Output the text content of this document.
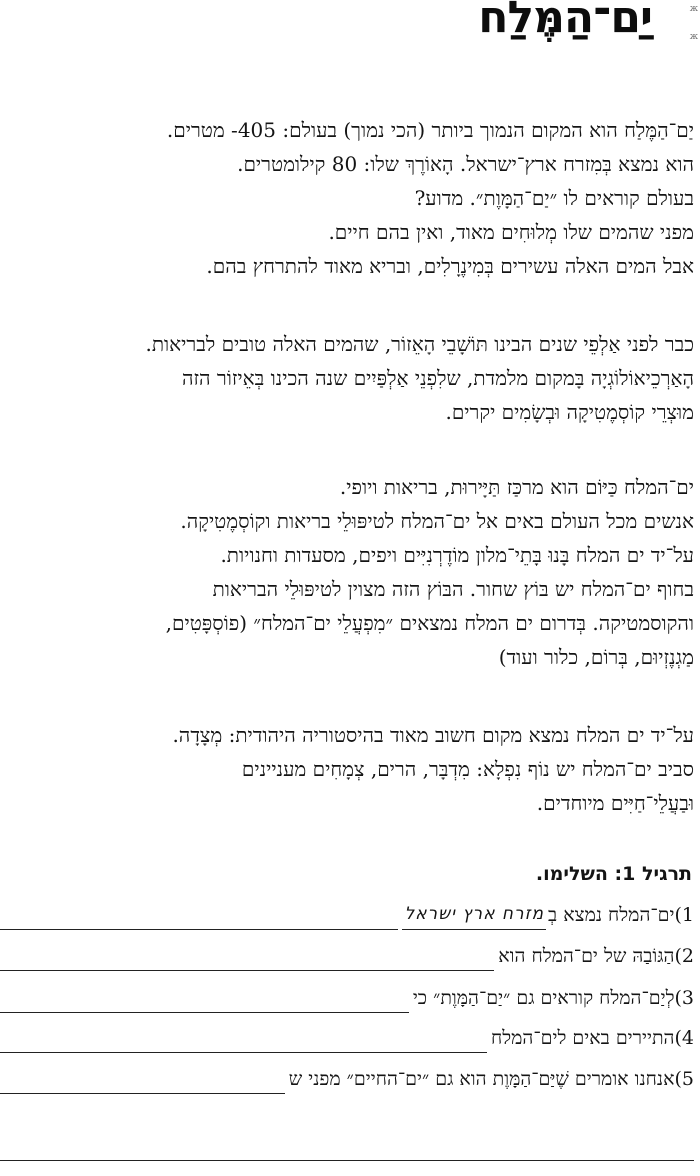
יַם־הַמֶּלַח	ж
ж
יַם־הַמֶּלַח הוא המקום הנמוך ביותר (הכי נמוך) בעולם: 405- מטרים.
הוא נמצא בְּמִזרח ארץ־ישראל. הָאוֹרֶךְ שלו: 80 קילומטרים.
בעולם קוראים לו ״יַם־הַמָּוֶת״. מדוע?
מפני שהמים שלו מְלוּחִים מאוד, ואין בהם חיים.
אבל המים האלה עשירים בְּמִינֶרָלִים, ובריא מאוד להתרחץ בהם.
כבר לפני אַלְפֵי שנים הבינו תּוֹשָׁבֵי הָאֵזוֹר, שהמים האלה טובים לבריאות.
הָאַרְכֵיאוֹלוֹגְיָה בָּמקום מלמדת, שלִפְנֵי אַלְפַּיִים שנה הכינו בְּאֵיזוֹר הזה
מוּצְרֵי קוֹסְמֶטִיקָה וּבְשָׂמִים יקרים.
ים־המלח כַּיּוֹם הוא מרכַּז תַּיָּירוּת, בריאות ויופי.
אנשים מכל העולם באים אל ים־המלח לטיפּוּלֵי בריאות וקוֹסְמֶטִיקָה.
על־יד ים המלח בָּנוּ בָּתֵי־מלון מוֹדֶרְנִיִּים ויפים, מסעדות וחנויות.
בחוף ים־המלח יש בּוֹץ שחור. הבּוֹץ הזה מצוין לטיפּוּלֵי הבריאות
והקוסמטיקה. בְּדרום ים המלח נמצאים ״מִפְעֲלֵי ים־המלח״ (פוֹסְפָּטִים,
מַגְנֶזְיוּם, בְּרוֹם, כלור ועוד)
על־יד ים המלח נמצא מקום חשוב מאוד בהיסטוריה היהודית: מְצָדָה.
סביב ים־המלח יש נוֹף נִפְלָא: מִדְבָּר, הרים, צְמָחִים מעניינים
וּבַעֲלֵי־חַיִּים מיוחדים.
תרגיל 1: השלימו.
1)
ים־המלח נמצא בְ
מזרח ארץ ישראל
2)
הַגּוֹבַהּ של ים־המלח הוא
3)
לְיַם־המלח קוראים גם ״יַם־הַמָּוֶת״ כי
4)
התיירים באים לים־המלח
5)
אנחנו אומרים שֶׁיַּם־הַמָּוֶת הוא גם ״ים־החיים״ מפני ש
